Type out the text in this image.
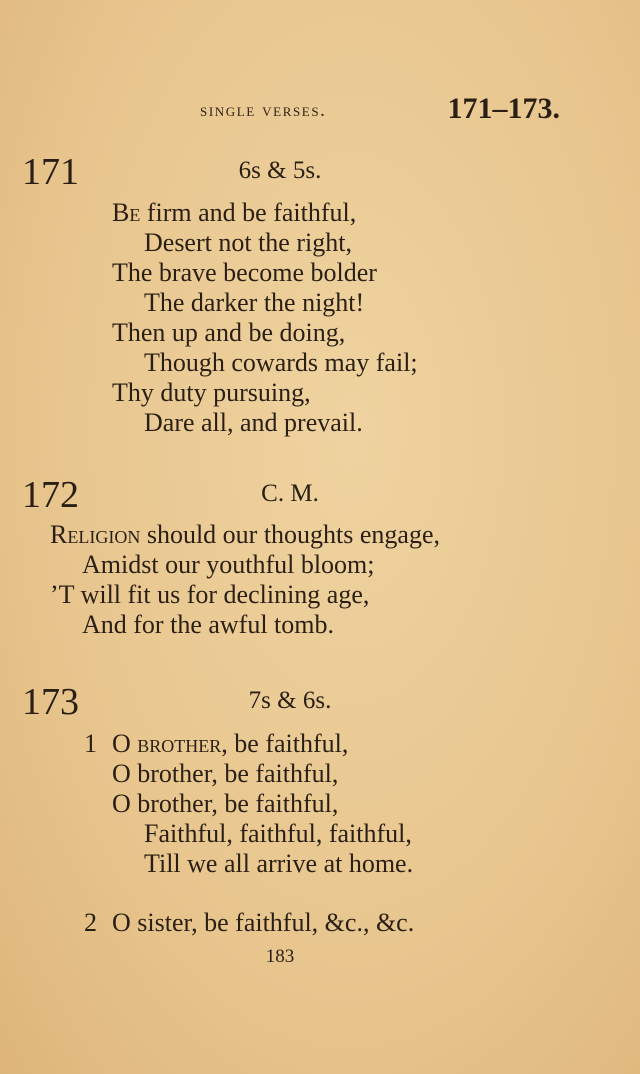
single verses.	171–173.
171	6s & 5s.
Be firm and be faithful,
Desert not the right,
The brave become bolder
The darker the night!
Then up and be doing,
Though cowards may fail;
Thy duty pursuing,
Dare all, and prevail.
172	C. M.
Religion should our thoughts engage,
Amidst our youthful bloom;
’T will fit us for declining age,
And for the awful tomb.
173	7s & 6s.
1 O brother, be faithful,
O brother, be faithful,
O brother, be faithful,
Faithful, faithful, faithful,
Till we all arrive at home.
2 O sister, be faithful, &c., &c.
183
